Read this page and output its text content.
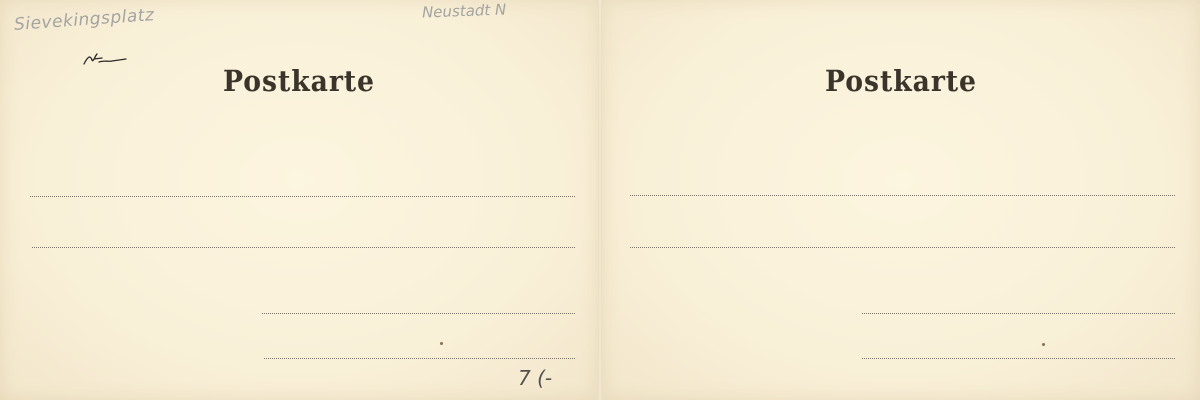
Postkarte
Sievekingsplatz	Neustadt N
7 (-
Postkarte
